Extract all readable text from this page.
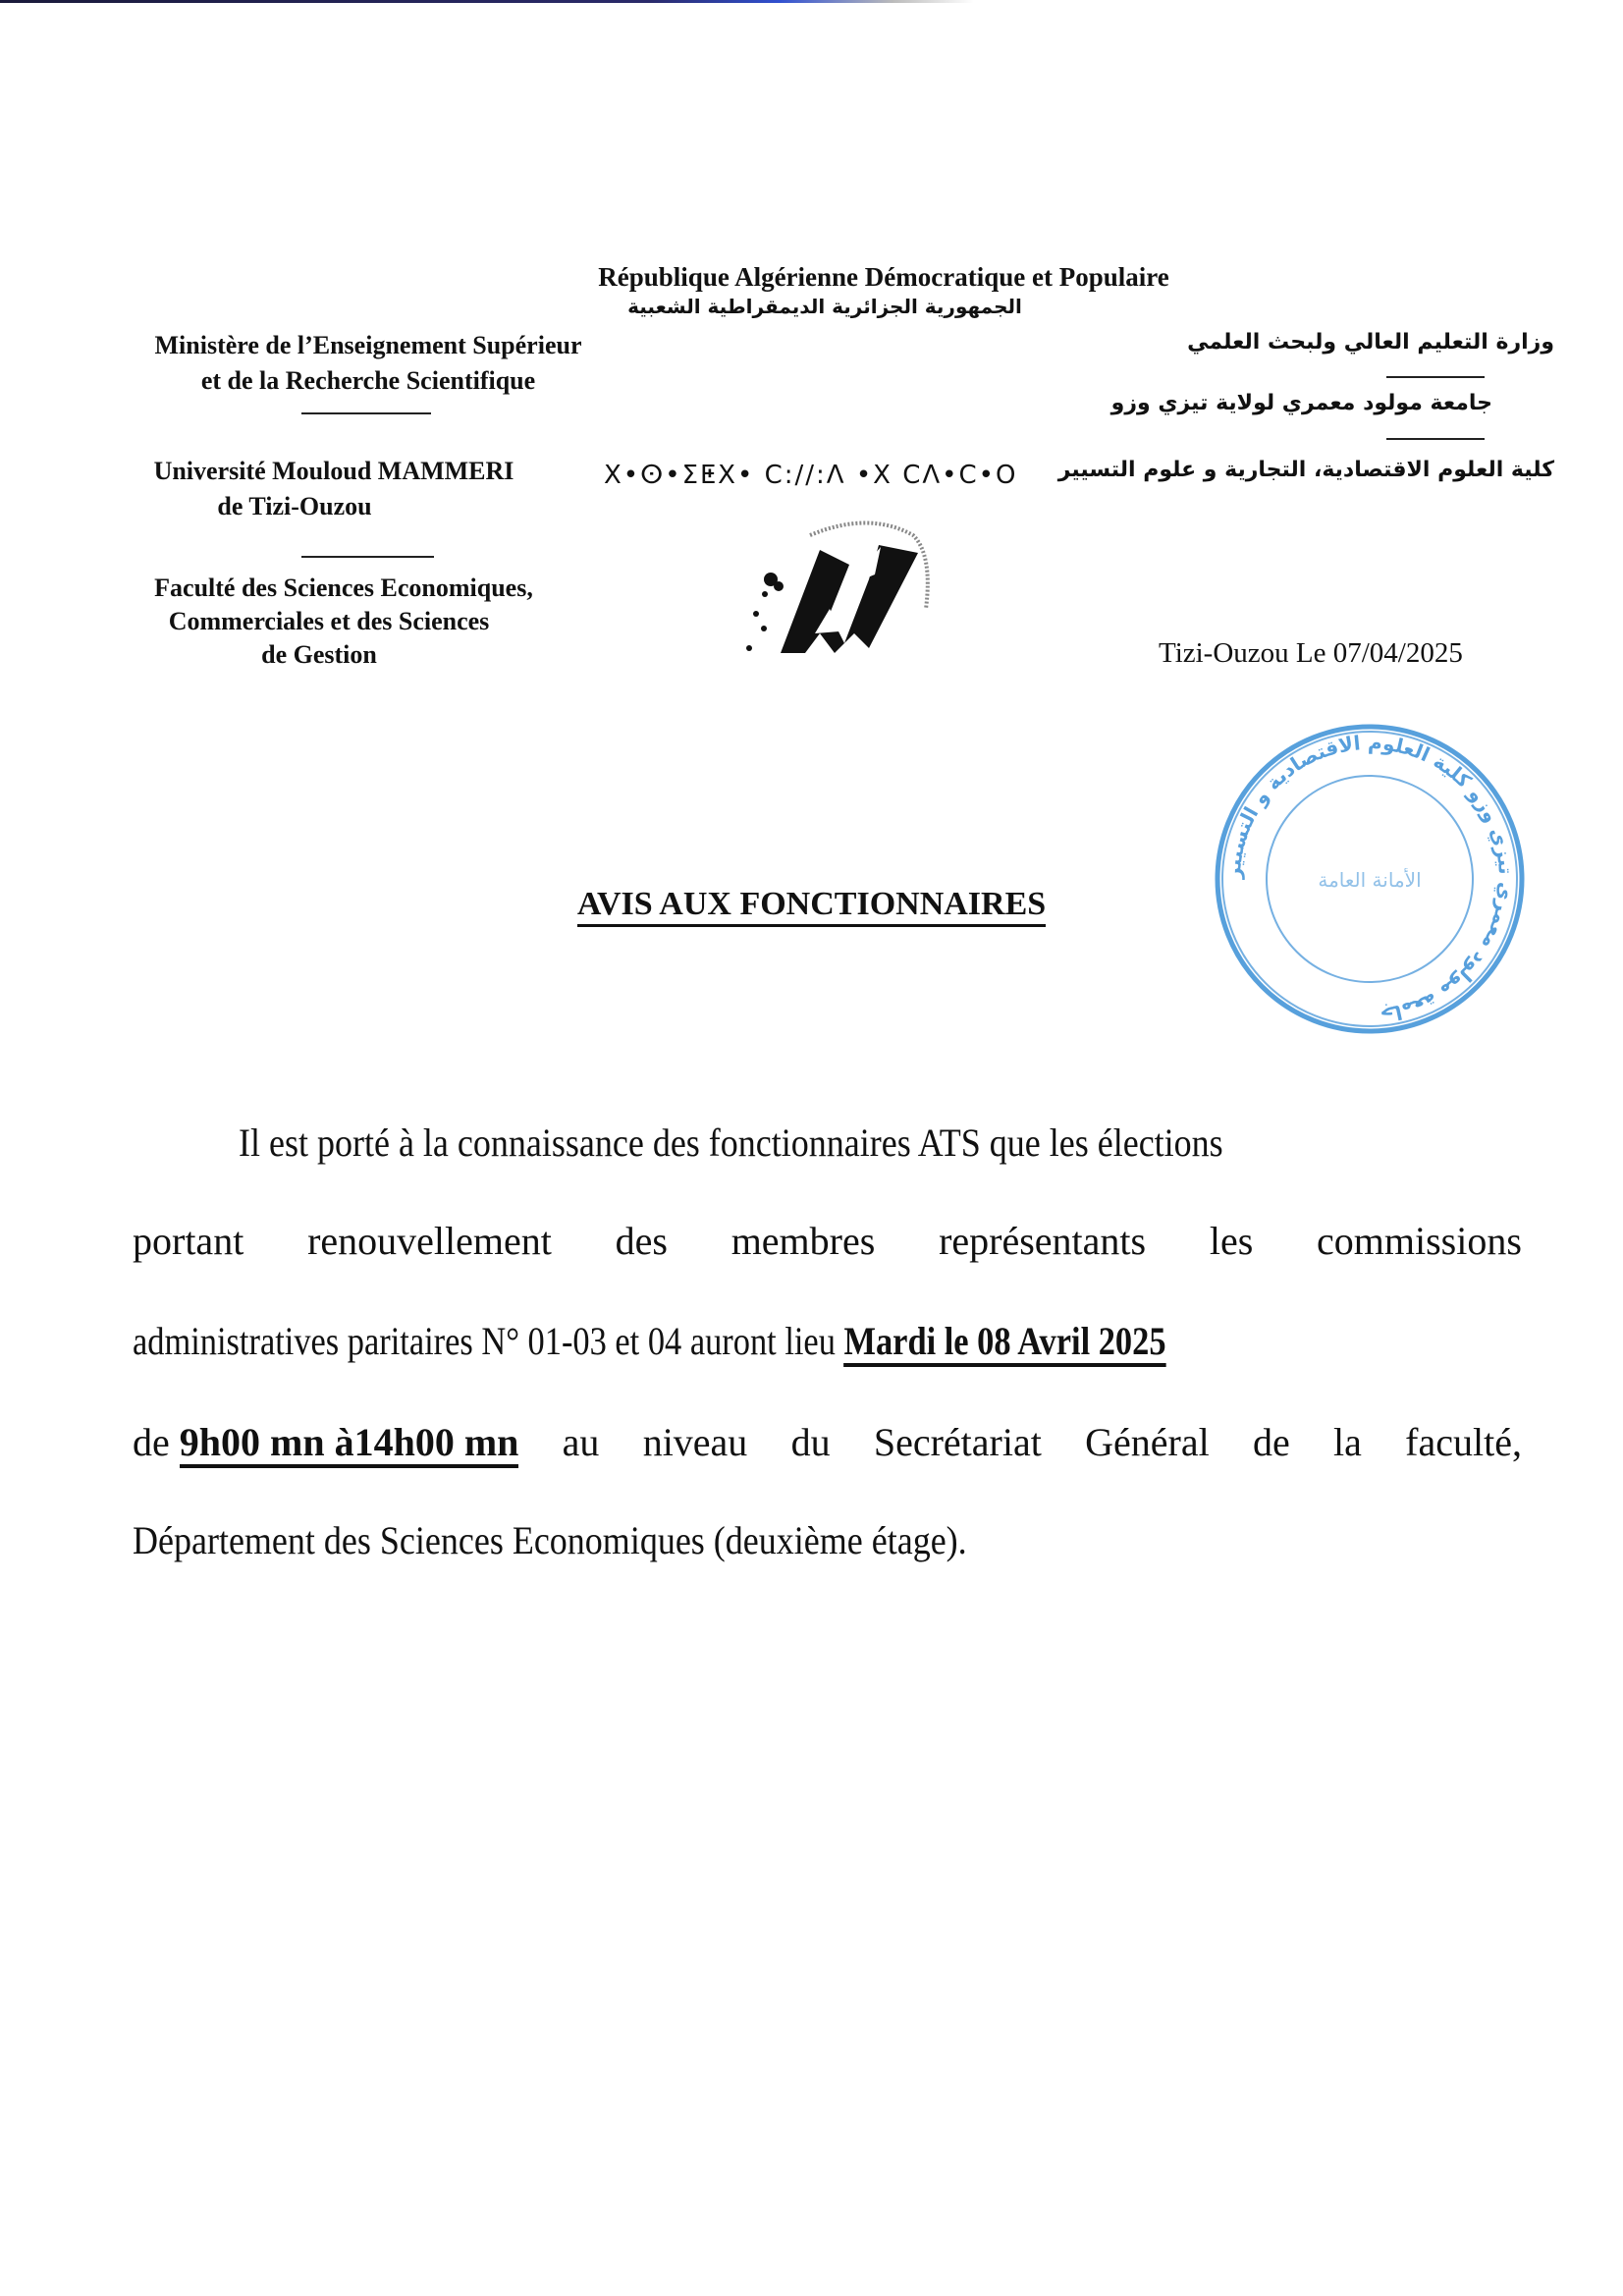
République Algérienne Démocratique et Populaire
الجمهورية الجزائرية الديمقراطية الشعبية
Ministère de l’Enseignement Supérieur
et de la Recherche Scientifique
Université Mouloud MAMMERI
de Tizi-Ouzou
Faculté des Sciences Economiques,
Commerciales et des Sciences
de Gestion
وزارة التعليم العالي ولبحث العلمي
جامعة مولود معمري لولاية تيزي وزو
كلية العلوم الاقتصادية، التجارية و علوم التسيير
X•ⵙ•ⵉⵟX• C://:Λ •X CΛ•C•O
Tizi-Ouzou Le 07/04/2025
جامعة مولود معمري تيزي وزو كلية العلوم الاقتصادية و التسيير
الأمانة العامة
AVIS AUX FONCTIONNAIRES
Il est porté à la connaissance des fonctionnaires ATS que les élections
portant renouvellement des membres représentants les commissions
administratives paritaires N° 01-03 et 04 auront lieu Mardi le 08 Avril 2025
de 9h00 mn à14h00 mn au niveau du Secrétariat Général de la faculté,
Département des Sciences Economiques (deuxième étage).
